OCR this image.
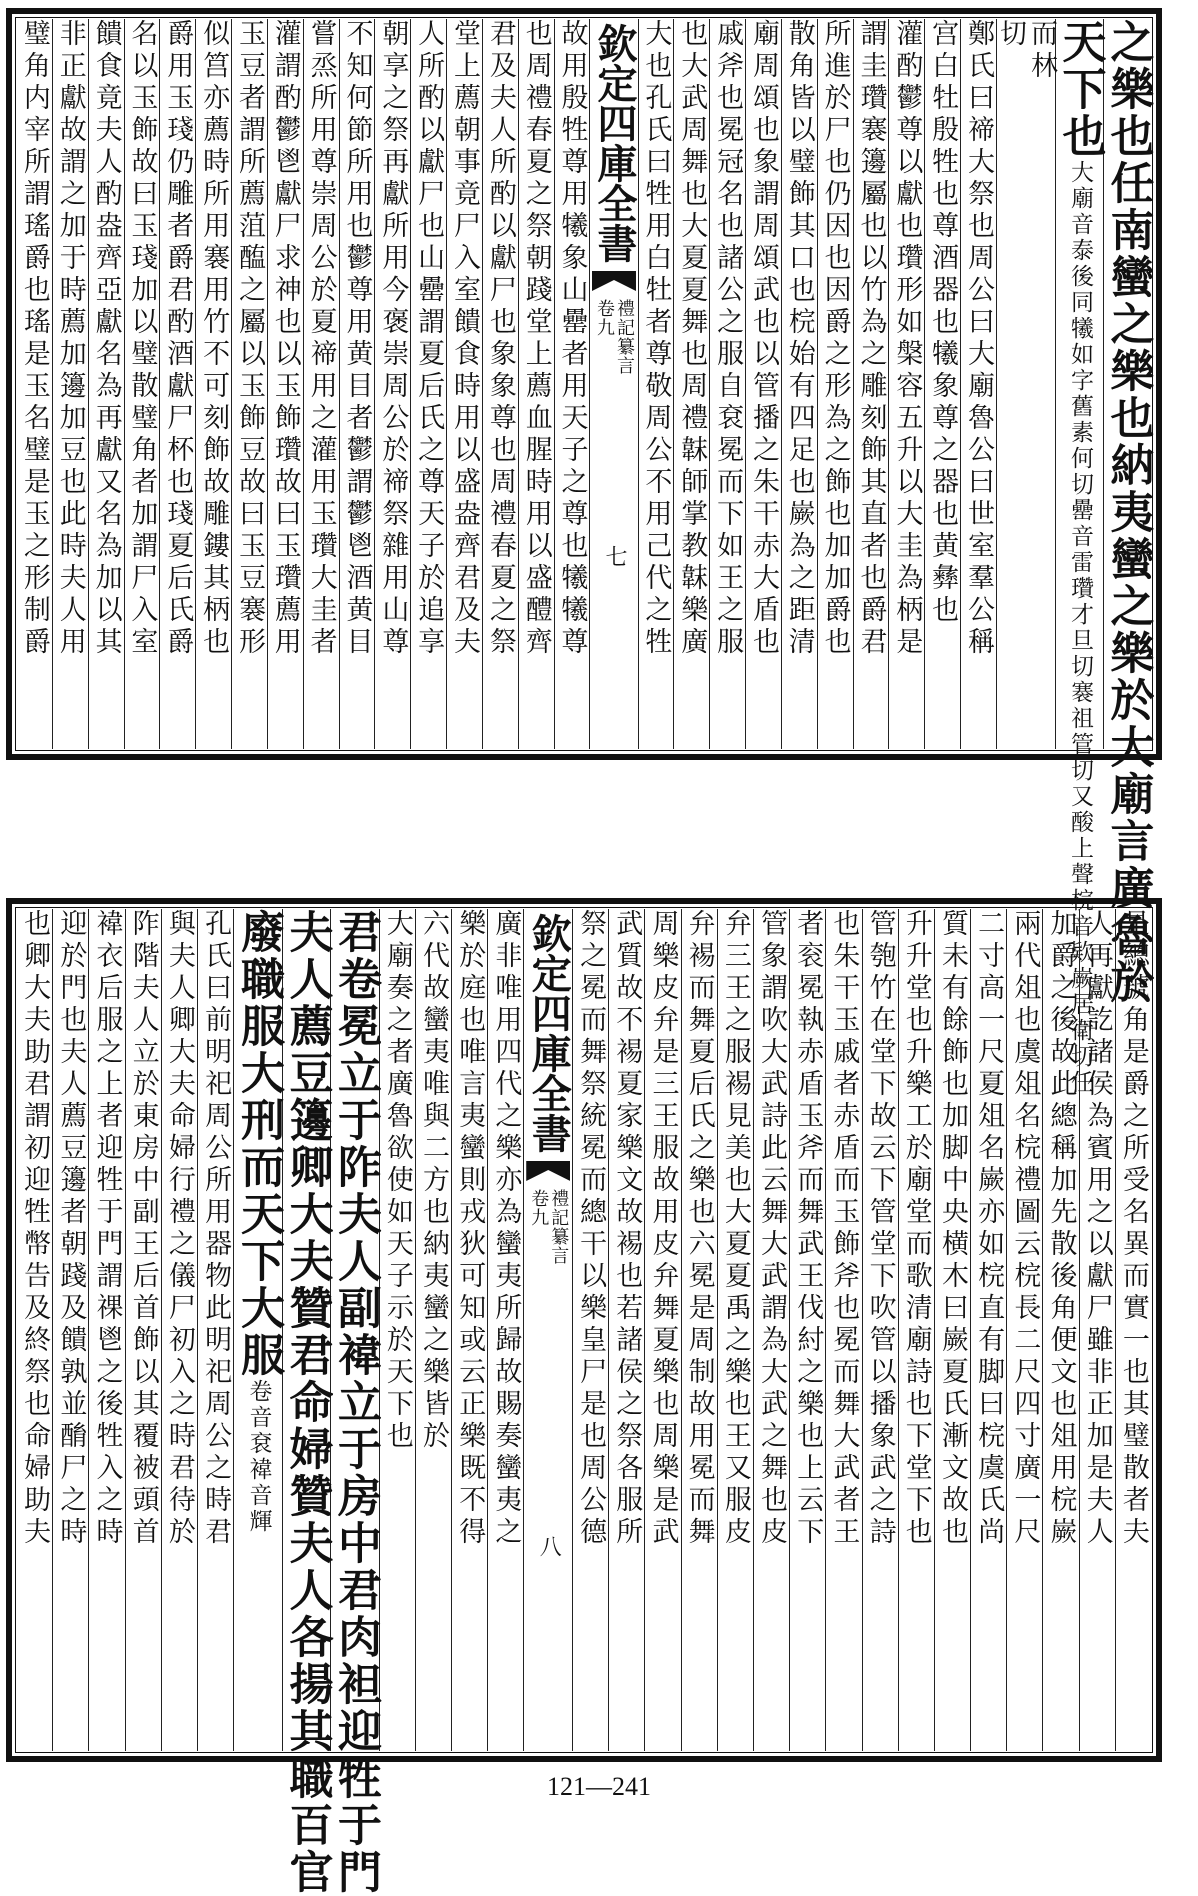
之樂也任南蠻之樂也納夷蠻之樂於大廟言廣魯於
天下也
大廟音泰後同犧如字舊素何切罍音雷瓚才旦切褰祖管切又酸上聲梡音欵嶡居衛切任
而林
切
鄭氏曰禘大祭也周公曰大廟魯公曰世室羣公稱
宫白牡殷牲也尊酒器也犧象尊之器也黄彝也
灌酌鬱尊以獻也瓚形如槃容五升以大圭為柄是
謂圭瓚褰籩屬也以竹為之雕刻飾其直者也爵君
所進於尸也仍因也因爵之形為之飾也加加爵也
散角皆以璧飾其口也梡始有四足也嶡為之距清
廟周頌也象謂周頌武也以管播之朱干赤大盾也
戚斧也冕冠名也諸公之服自袞冕而下如王之服
也大武周舞也大夏夏舞也周禮韎師掌教韎樂廣
大也孔氏曰牲用白牡者尊敬周公不用己代之牲
欽定四庫全書
禮記纂言
卷九
七
故用殷牲尊用犧象山罍者用天子之尊也犧犧尊
也周禮春夏之祭朝踐堂上薦血腥時用以盛醴齊
君及夫人所酌以獻尸也象象尊也周禮春夏之祭
堂上薦朝事竟尸入室饋食時用以盛盎齊君及夫
人所酌以獻尸也山罍謂夏后氏之尊天子於追享
朝享之祭再獻所用今褒崇周公於禘祭雜用山尊
不知何節所用也鬱尊用黄目者鬱謂鬱鬯酒黄目
嘗烝所用尊崇周公於夏禘用之灌用玉瓚大圭者
灌謂酌鬱鬯獻尸求神也以玉飾瓚故曰玉瓚薦用
玉豆者謂所薦菹醢之屬以玉飾豆故曰玉豆褰形
似筥亦薦時所用褰用竹不可刻飾故雕鏤其柄也
爵用玉琖仍雕者爵君酌酒獻尸杯也琖夏后氏爵
名以玉飾故曰玉琖加以璧散璧角者加謂尸入室
饋食竟夫人酌盎齊亞獻名為再獻又名為加以其
非正獻故謂之加于時薦加籩加豆也此時夫人用
璧角内宰所謂瑤爵也瑤是玉名璧是玉之形制爵
是總號角是爵之所受名異而實一也其璧散者夫
人再獻訖諸侯為賓用之以獻尸雖非正加是夫人
加爵之後故此總稱加先散後角便文也俎用梡嶡
兩代俎也虞俎名梡禮圖云梡長二尺四寸廣一尺
二寸高一尺夏俎名嶡亦如梡直有脚曰梡虞氏尚
質未有餘飾也加脚中央横木曰嶡夏氏漸文故也
升升堂也升樂工於廟堂而歌清廟詩也下堂下也
管匏竹在堂下故云下管堂下吹管以播象武之詩
也朱干玉戚者赤盾而玉飾斧也冕而舞大武者王
者衮冕執赤盾玉斧而舞武王伐紂之樂也上云下
管象謂吹大武詩此云舞大武謂為大武之舞也皮
弁三王之服裼見美也大夏夏禹之樂也王又服皮
弁裼而舞夏后氏之樂也六冕是周制故用冕而舞
周樂皮弁是三王服故用皮弁舞夏樂也周樂是武
武質故不裼夏家樂文故裼也若諸侯之祭各服所
祭之冕而舞祭統冕而總干以樂皇尸是也周公德
欽定四庫全書
禮記纂言
卷九
八
廣非唯用四代之樂亦為蠻夷所歸故賜奏蠻夷之
樂於庭也唯言夷蠻則戎狄可知或云正樂既不得
六代故蠻夷唯與二方也納夷蠻之樂皆於
大廟奏之者廣魯欲使如天子示於天下也
君卷冕立于阼夫人副褘立于房中君肉袒迎牲于門
夫人薦豆籩卿大夫贊君命婦贊夫人各揚其職百官
廢職服大刑而天下大服
卷音袞褘音輝
孔氏曰前明祀周公所用器物此明祀周公之時君
與夫人卿大夫命婦行禮之儀尸初入之時君待於
阼階夫人立於東房中副王后首飾以其覆被頭首
褘衣后服之上者迎牲于門謂祼鬯之後牲入之時
迎於門也夫人薦豆籩者朝踐及饋孰並酳尸之時
也卿大夫助君謂初迎牲幣告及終祭也命婦助夫
121—241
